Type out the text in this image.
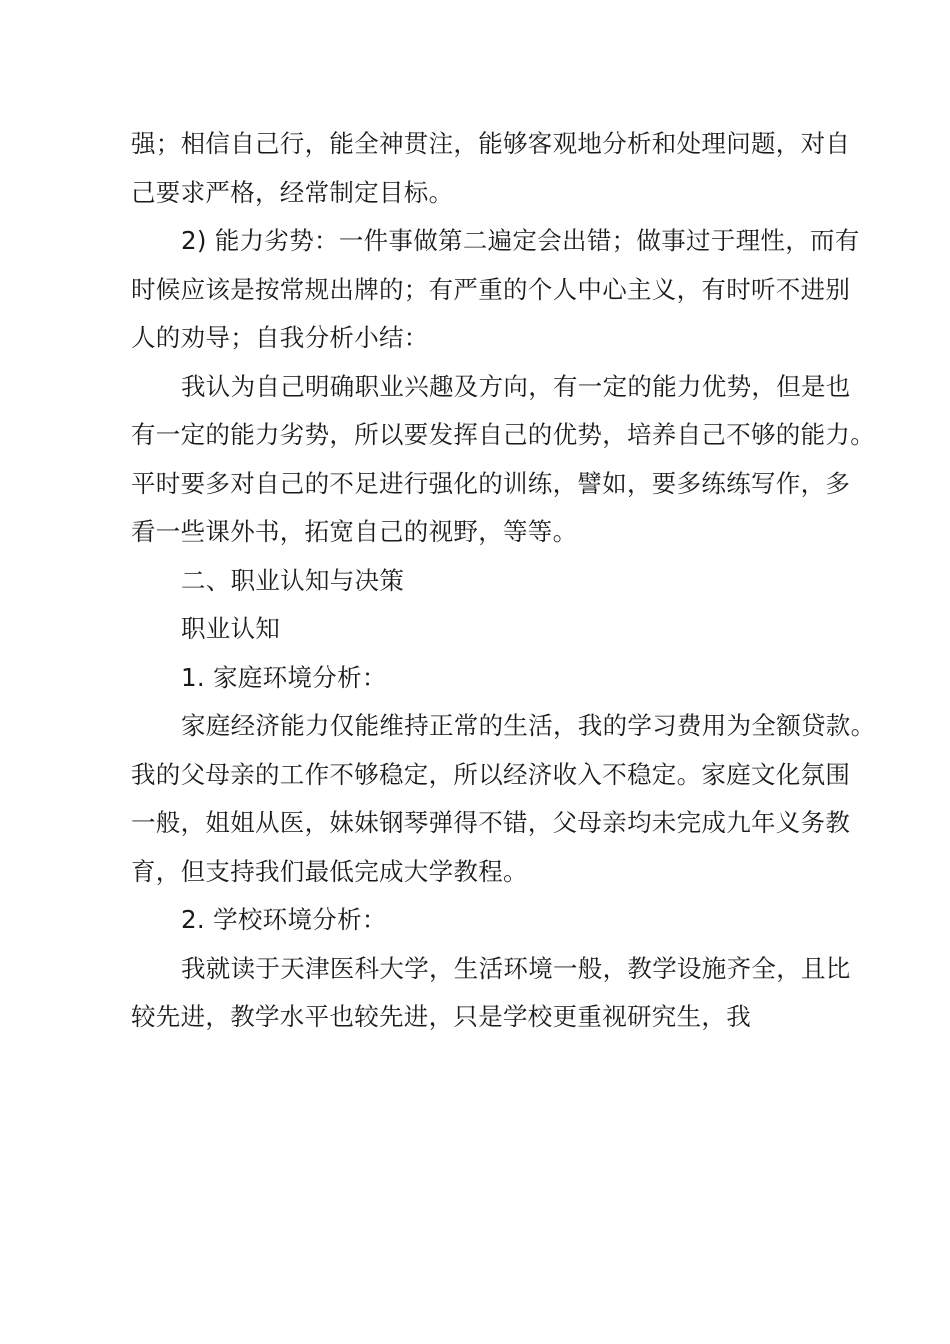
强；相信自己行，能全神贯注，能够客观地分析和处理问题，对自
己要求严格，经常制定目标。
2) 能力劣势：一件事做第二遍定会出错；做事过于理性，而有
时候应该是按常规出牌的；有严重的个人中心主义，有时听不进别
人的劝导；自我分析小结：
我认为自己明确职业兴趣及方向，有一定的能力优势，但是也
有一定的能力劣势，所以要发挥自己的优势，培养自己不够的能力。
平时要多对自己的不足进行强化的训练，譬如，要多练练写作，多
看一些课外书，拓宽自己的视野，等等。
二、职业认知与决策
职业认知
1. 家庭环境分析：
家庭经济能力仅能维持正常的生活，我的学习费用为全额贷款。
我的父母亲的工作不够稳定，所以经济收入不稳定。家庭文化氛围
一般，姐姐从医，妹妹钢琴弹得不错，父母亲均未完成九年义务教
育，但支持我们最低完成大学教程。
2. 学校环境分析：
我就读于天津医科大学，生活环境一般，教学设施齐全，且比
较先进，教学水平也较先进，只是学校更重视研究生，我
